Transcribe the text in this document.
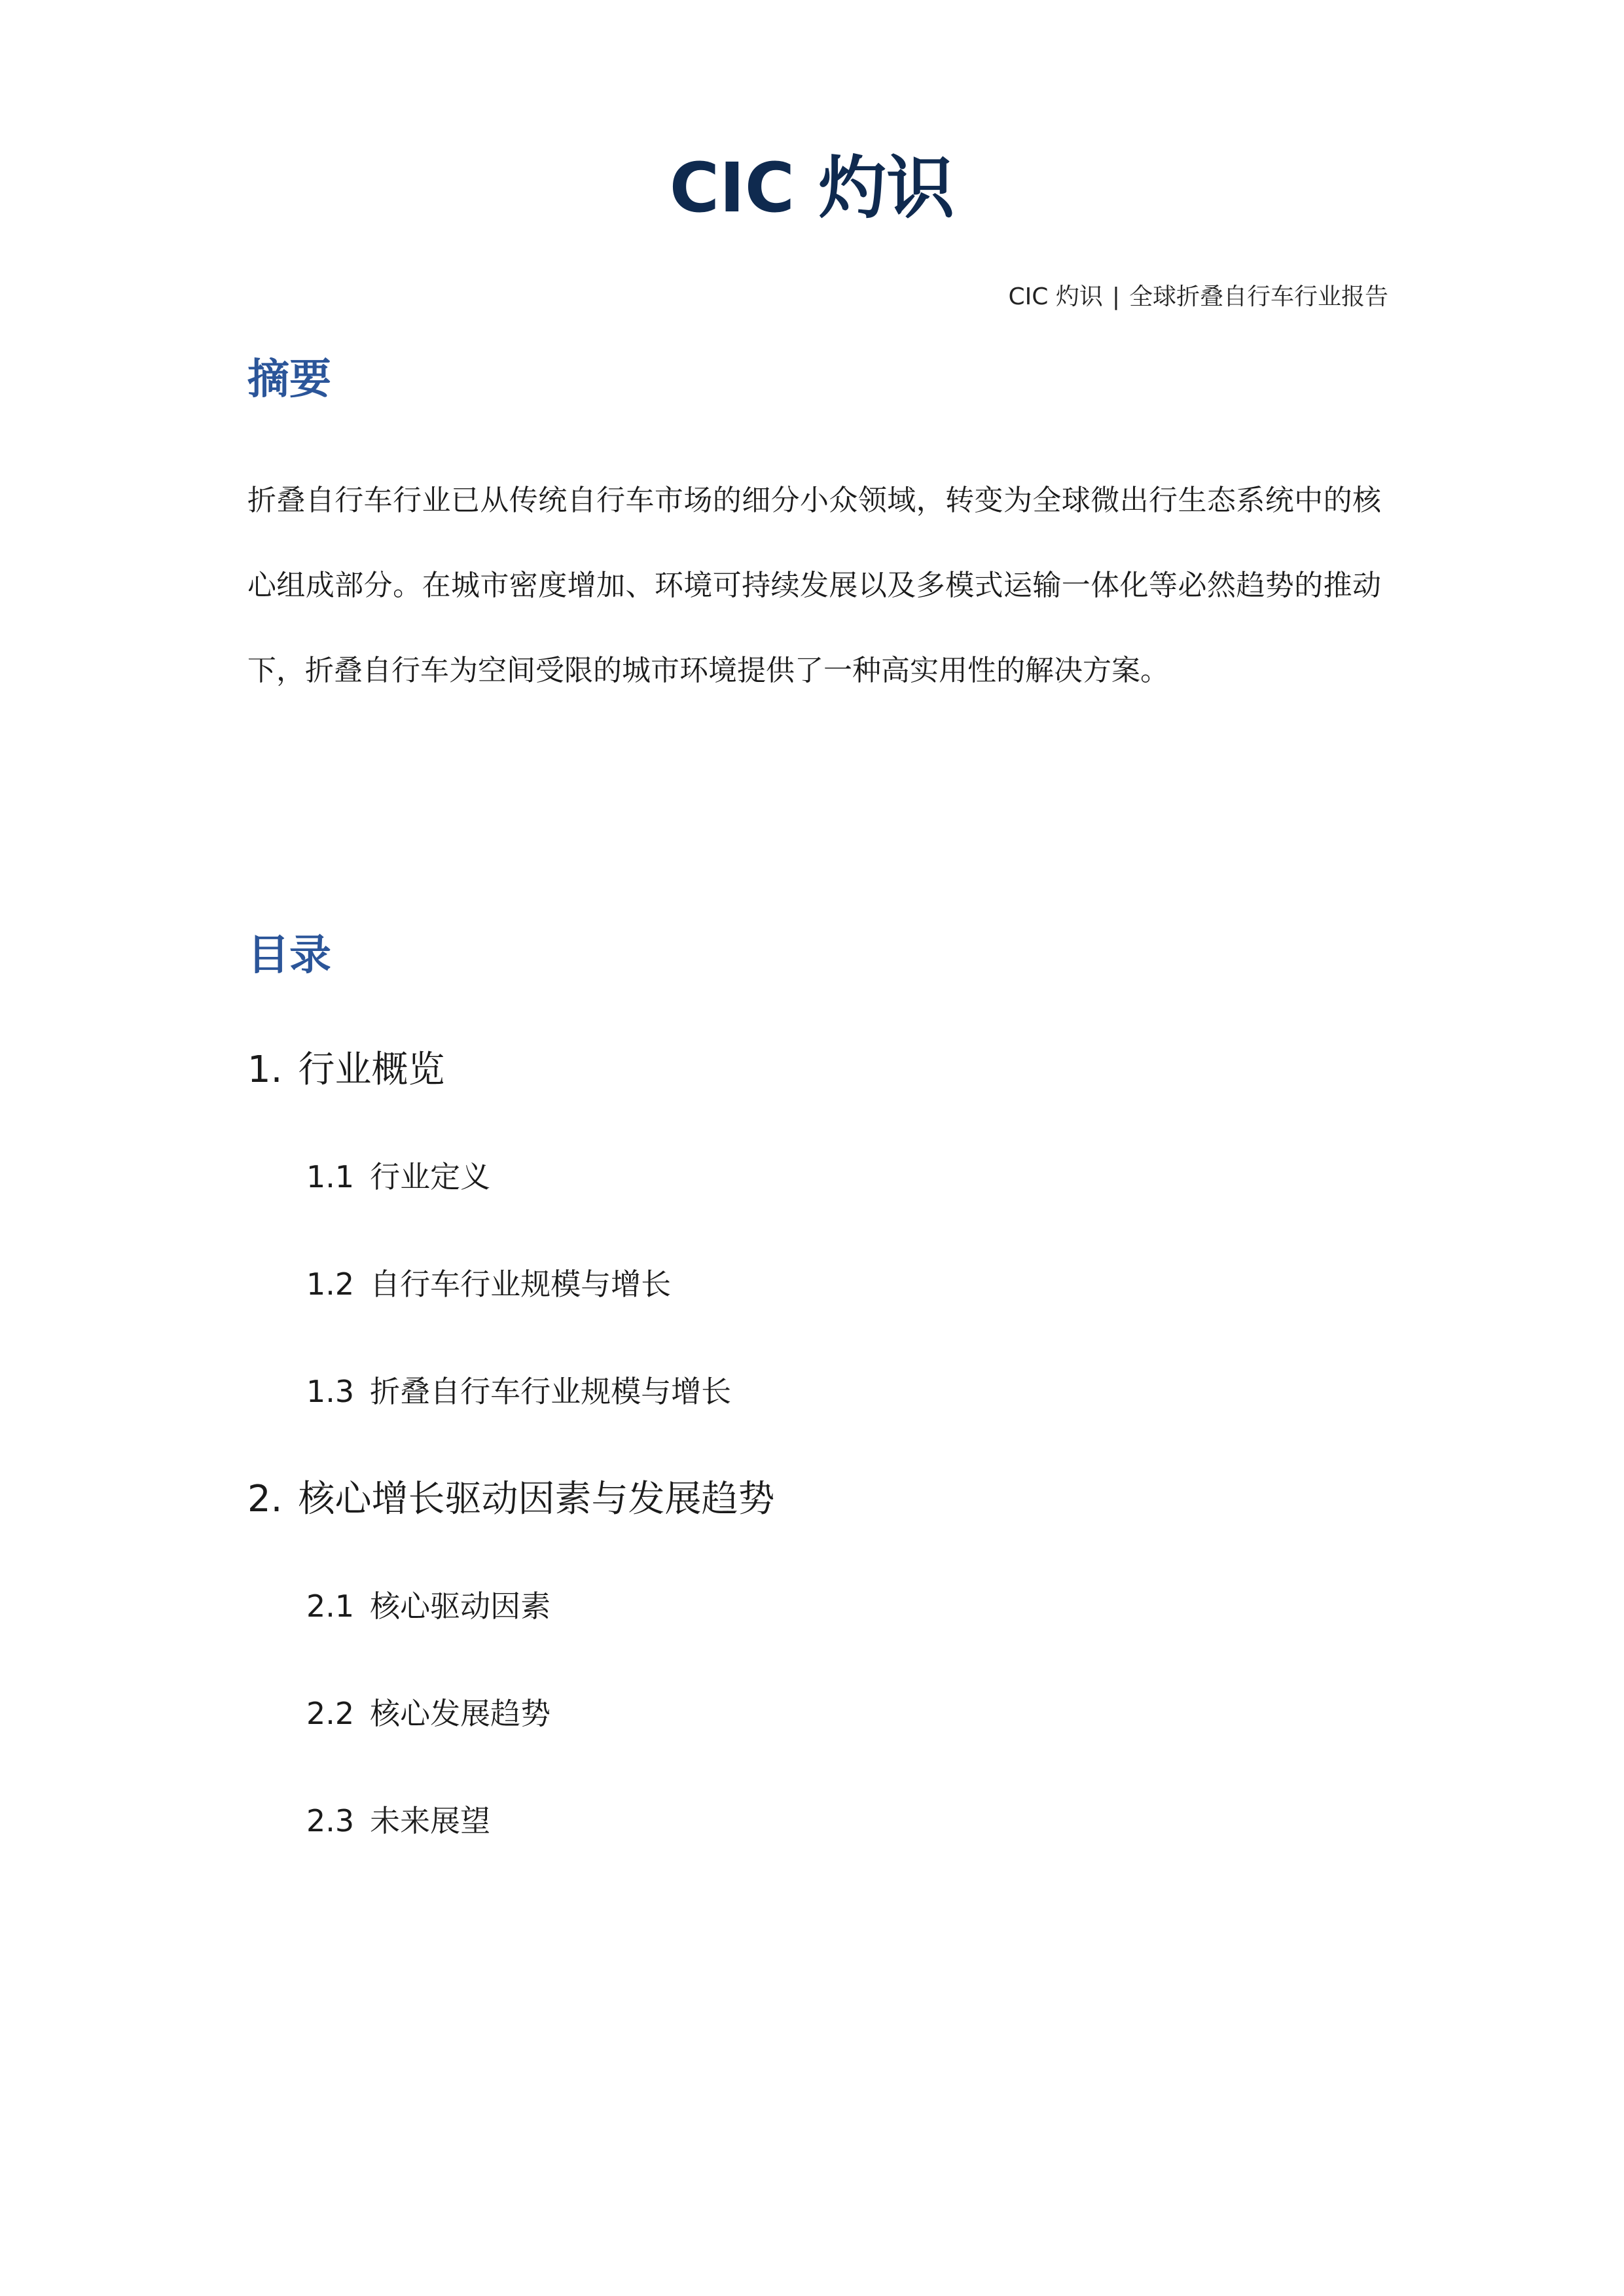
CIC 灼识
CIC 灼识 | 全球折叠自行车行业报告
摘要
折叠自行车行业已从传统自行车市场的细分小众领域，转变为全球微出行生态系统中的核心组成部分。在城市密度增加、环境可持续发展以及多模式运输一体化等必然趋势的推动下，折叠自行车为空间受限的城市环境提供了一种高实用性的解决方案。
目录
1. 行业概览
1.1 行业定义
1.2 自行车行业规模与增长
1.3 折叠自行车行业规模与增长
2. 核心增长驱动因素与发展趋势
2.1 核心驱动因素
2.2 核心发展趋势
2.3 未来展望
